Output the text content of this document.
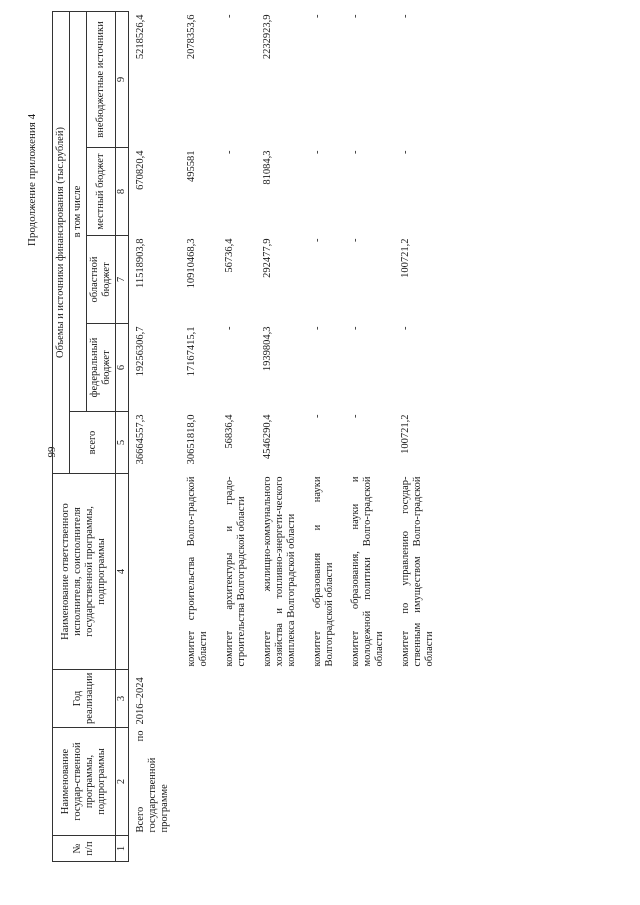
99
Продолжение приложения 4
№ п/п	Наименование государ-ственной программы, подпрограммы	Год реализации	Наименование ответственного исполнителя, соисполнителя государственной программы, подпрограммы	Объемы и источники финансирования (тыс.рублей)				
				всего	в том числе			
					федеральный бюджет	областной бюджет	местный бюджет	внебюджетные источники
1	2	3	4	5	6	7	8	9
	Всего по государственной программе	2016–2024		36664557,3	19256306,7	11518903,8	670820,4	5218526,4
			комитет строительства Волго-градской области	30651818,0	17167415,1	10910468,3	495581	2078353,6
			комитет архитектуры и градо-строительства Волгоградской области	56836,4	-	56736,4	-	-
			комитет жилищно-коммунального хозяйства и топливно-энергети-ческого комплекса Волгоградской области	4546290,4	1939804,3	292477,9	81084,3	2232923,9
			комитет образования и науки Волгоградской области	-	-	-	-	-
			комитет образования, науки и молодежной политики Волго-градской области	-	-	-	-	-
			комитет по управлению государ-ственным имуществом Волго-градской области	100721,2	-	100721,2	-	-
